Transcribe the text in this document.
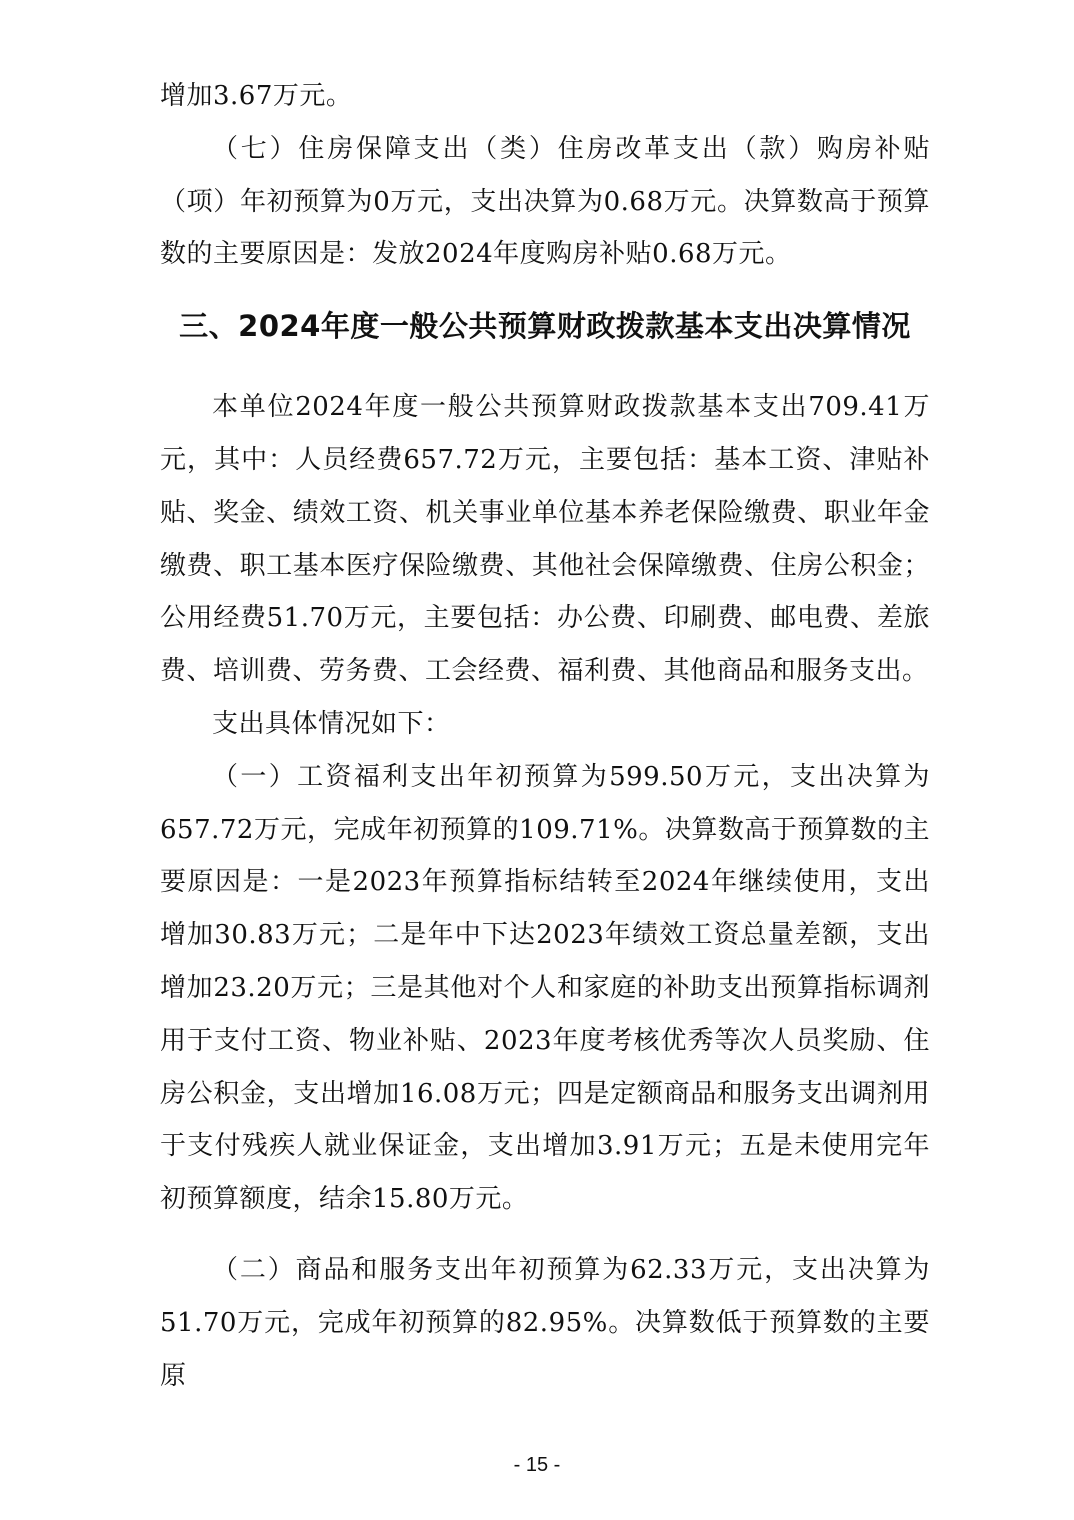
增加3.67万元。

（七）住房保障支出（类）住房改革支出（款）购房补贴（项）年初预算为0万元，支出决算为0.68万元。决算数高于预算数的主要原因是：发放2024年度购房补贴0.68万元。

三、2024年度一般公共预算财政拨款基本支出决算情况

本单位2024年度一般公共预算财政拨款基本支出709.41万元，其中：人员经费657.72万元，主要包括：基本工资、津贴补贴、奖金、绩效工资、机关事业单位基本养老保险缴费、职业年金缴费、职工基本医疗保险缴费、其他社会保障缴费、住房公积金；公用经费51.70万元，主要包括：办公费、印刷费、邮电费、差旅费、培训费、劳务费、工会经费、福利费、其他商品和服务支出。

支出具体情况如下：

（一）工资福利支出年初预算为599.50万元，支出决算为657.72万元，完成年初预算的109.71%。决算数高于预算数的主要原因是：一是2023年预算指标结转至2024年继续使用，支出增加30.83万元；二是年中下达2023年绩效工资总量差额，支出增加23.20万元；三是其他对个人和家庭的补助支出预算指标调剂用于支付工资、物业补贴、2023年度考核优秀等次人员奖励、住房公积金，支出增加16.08万元；四是定额商品和服务支出调剂用于支付残疾人就业保证金，支出增加3.91万元；五是未使用完年初预算额度，结余15.80万元。

（二）商品和服务支出年初预算为62.33万元，支出决算为51.70万元，完成年初预算的82.95%。决算数低于预算数的主要原

- 15 -
